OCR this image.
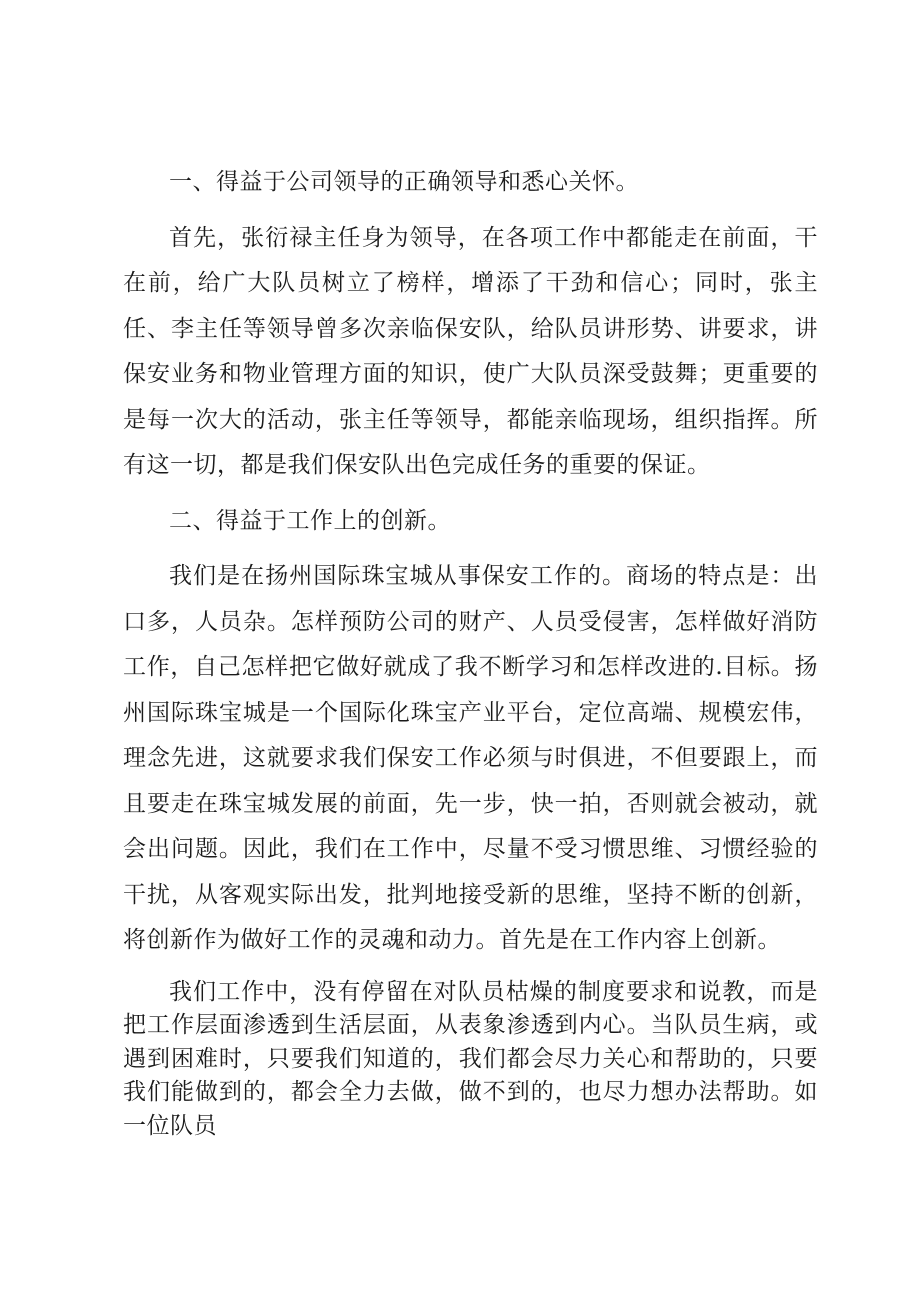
一、得益于公司领导的正确领导和悉心关怀。

首先，张衍禄主任身为领导，在各项工作中都能走在前面，干在前，给广大队员树立了榜样，增添了干劲和信心；同时，张主任、李主任等领导曾多次亲临保安队，给队员讲形势、讲要求，讲保安业务和物业管理方面的知识，使广大队员深受鼓舞；更重要的是每一次大的活动，张主任等领导，都能亲临现场，组织指挥。所有这一切，都是我们保安队出色完成任务的重要的保证。

二、得益于工作上的创新。

我们是在扬州国际珠宝城从事保安工作的。商场的特点是：出口多，人员杂。怎样预防公司的财产、人员受侵害，怎样做好消防工作，自己怎样把它做好就成了我不断学习和怎样改进的.目标。扬州国际珠宝城是一个国际化珠宝产业平台，定位高端、规模宏伟，理念先进，这就要求我们保安工作必须与时俱进，不但要跟上，而且要走在珠宝城发展的前面，先一步，快一拍，否则就会被动，就会出问题。因此，我们在工作中，尽量不受习惯思维、习惯经验的干扰，从客观实际出发，批判地接受新的思维，坚持不断的创新，将创新作为做好工作的灵魂和动力。首先是在工作内容上创新。

我们工作中，没有停留在对队员枯燥的制度要求和说教，而是把工作层面渗透到生活层面，从表象渗透到内心。当队员生病，或遇到困难时，只要我们知道的，我们都会尽力关心和帮助的，只要我们能做到的，都会全力去做，做不到的，也尽力想办法帮助。如一位队员
